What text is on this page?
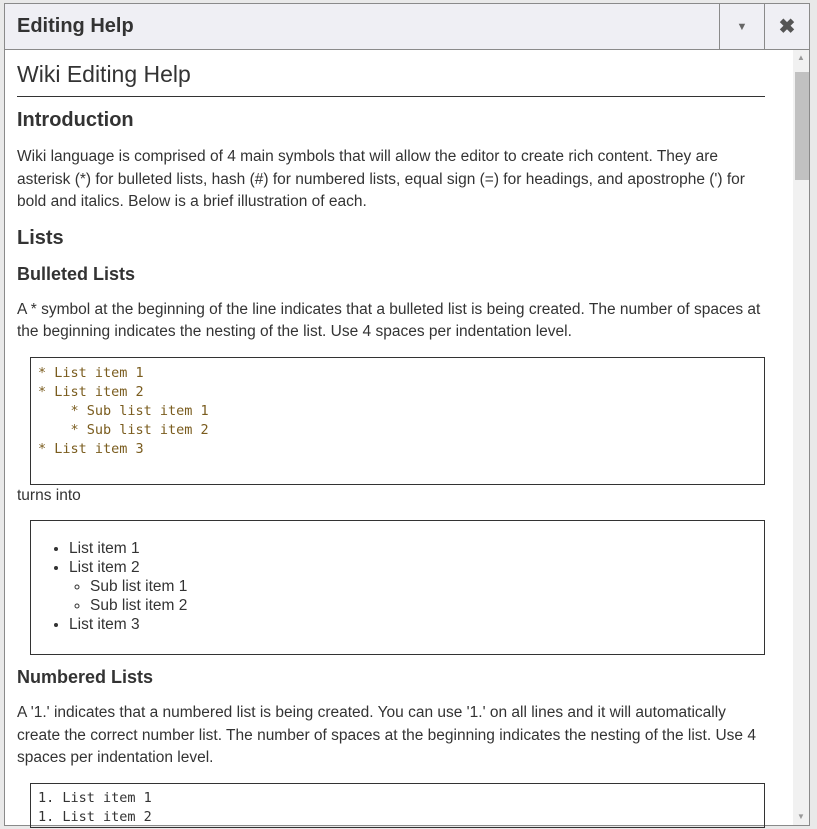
Editing Help	▼ ✖
Wiki Editing Help
Introduction

Wiki language is comprised of 4 main symbols that will allow the editor to create rich content. They are asterisk (*) for bulleted lists, hash (#) for numbered lists, equal sign (=) for headings, and apostrophe (') for bold and italics. Below is a brief illustration of each.

Lists
Bulleted Lists

A * symbol at the beginning of the line indicates that a bulleted list is being created. The number of spaces at the beginning indicates the nesting of the list. Use 4 spaces per indentation level.

* List item 1
* List item 2
* Sub list item 1
* Sub list item 2
* List item 3

turns into

• List item 1
• List item 2
◦ Sub list item 1
◦ Sub list item 2
• List item 3
Numbered Lists

A '1.' indicates that a numbered list is being created. You can use '1.' on all lines and it will automatically create the correct number list. The number of spaces at the beginning indicates the nesting of the list. Use 4 spaces per indentation level.

1. List item 1
1. List item 2
▲
▼
